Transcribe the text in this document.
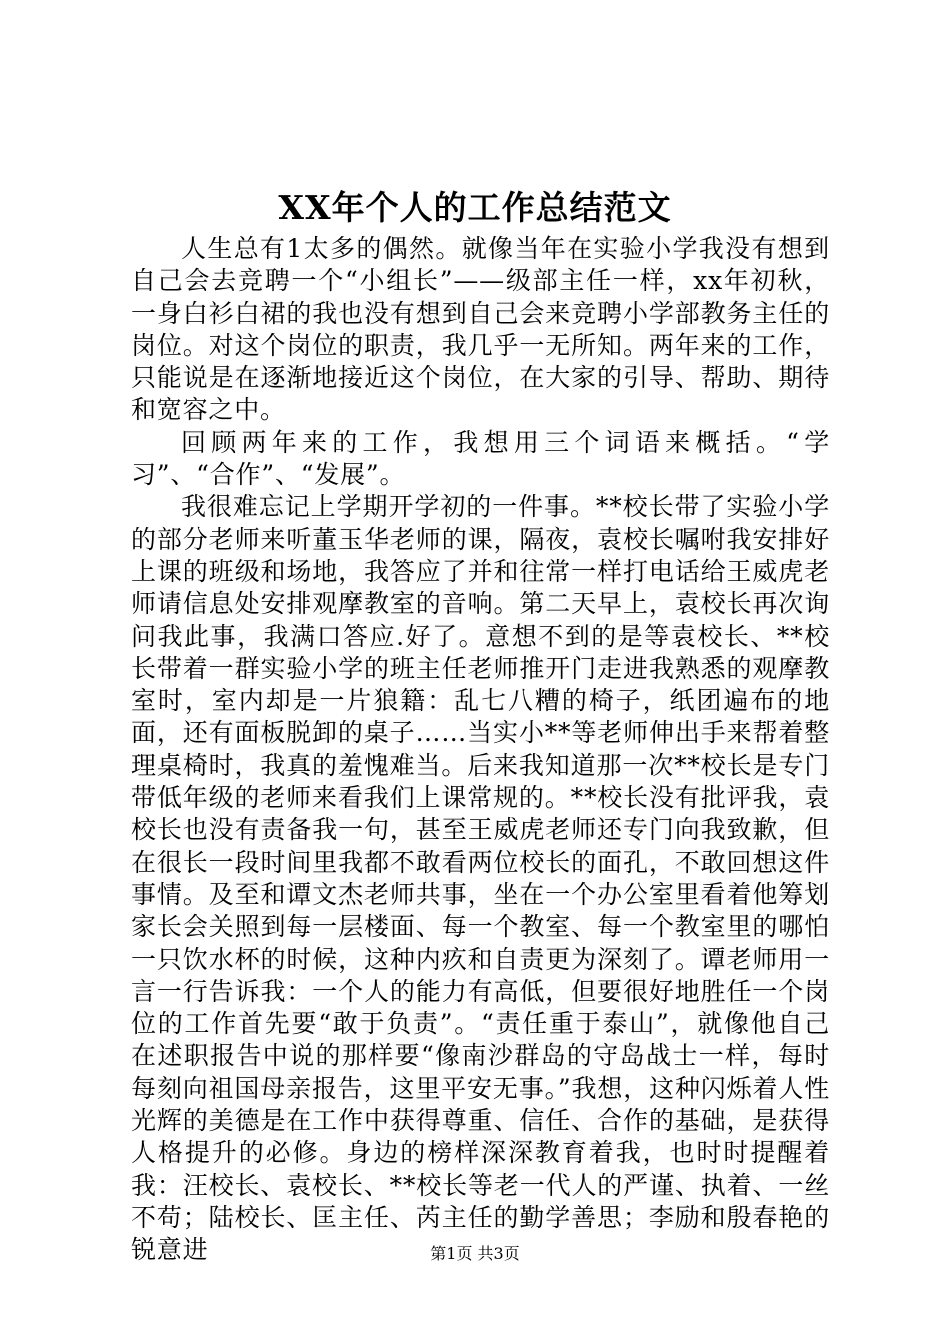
XX年个人的工作总结范文

人生总有1太多的偶然。就像当年在实验小学我没有想到自己会去竞聘一个“小组长”——级部主任一样，xx年初秋，一身白衫白裙的我也没有想到自己会来竞聘小学部教务主任的岗位。对这个岗位的职责，我几乎一无所知。两年来的工作，只能说是在逐渐地接近这个岗位，在大家的引导、帮助、期待和宽容之中。

回顾两年来的工作，我想用三个词语来概括。“学习”、“合作”、“发展”。

我很难忘记上学期开学初的一件事。**校长带了实验小学的部分老师来听董玉华老师的课，隔夜，袁校长嘱咐我安排好上课的班级和场地，我答应了并和往常一样打电话给王威虎老师请信息处安排观摩教室的音响。第二天早上，袁校长再次询问我此事，我满口答应.好了。意想不到的是等袁校长、**校长带着一群实验小学的班主任老师推开门走进我熟悉的观摩教室时，室内却是一片狼籍：乱七八糟的椅子，纸团遍布的地面，还有面板脱卸的桌子……当实小**等老师伸出手来帮着整理桌椅时，我真的羞愧难当。后来我知道那一次**校长是专门带低年级的老师来看我们上课常规的。**校长没有批评我，袁校长也没有责备我一句，甚至王威虎老师还专门向我致歉，但在很长一段时间里我都不敢看两位校长的面孔，不敢回想这件事情。及至和谭文杰老师共事，坐在一个办公室里看着他筹划家长会关照到每一层楼面、每一个教室、每一个教室里的哪怕一只饮水杯的时候，这种内疚和自责更为深刻了。谭老师用一言一行告诉我：一个人的能力有高低，但要很好地胜任一个岗位的工作首先要“敢于负责”。“责任重于泰山”，就像他自己在述职报告中说的那样要“像南沙群岛的守岛战士一样，每时每刻向祖国母亲报告，这里平安无事。”我想，这种闪烁着人性光辉的美德是在工作中获得尊重、信任、合作的基础，是获得人格提升的必修。身边的榜样深深教育着我，也时时提醒着我：汪校长、袁校长、**校长等老一代人的严谨、执着、一丝不苟；陆校长、匡主任、芮主任的勤学善思；李励和殷春艳的锐意进	第1页 共3页
